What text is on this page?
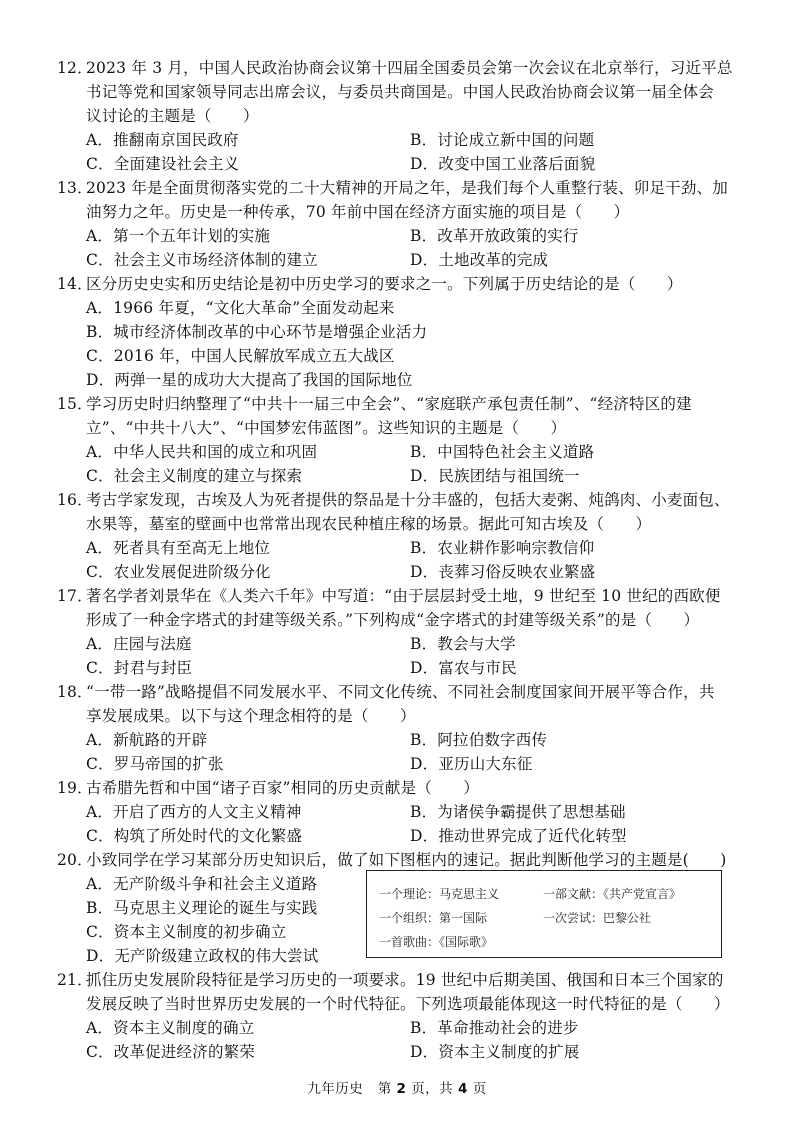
12．
2023 年 3 月，中国人民政治协商会议第十四届全国委员会第一次会议在北京举行，习近平总
书记等党和国家领导同志出席会议，与委员共商国是。中国人民政治协商会议第一届全体会
议讨论的主题是（　　）
A．推翻南京国民政府	B．讨论成立新中国的问题
C．全面建设社会主义	D．改变中国工业落后面貌
13．
2023 年是全面贯彻落实党的二十大精神的开局之年，是我们每个人重整行装、卯足干劲、加
油努力之年。历史是一种传承，70 年前中国在经济方面实施的项目是（　　）
A．第一个五年计划的实施	B．改革开放政策的实行
C．社会主义市场经济体制的建立	D．土地改革的完成
14．
区分历史史实和历史结论是初中历史学习的要求之一。下列属于历史结论的是（　　）
A．1966 年夏，“文化大革命”全面发动起来
B．城市经济体制改革的中心环节是增强企业活力
C．2016 年，中国人民解放军成立五大战区
D．两弹一星的成功大大提高了我国的国际地位
15．
学习历史时归纳整理了“中共十一届三中全会”、“家庭联产承包责任制”、“经济特区的建
立”、“中共十八大”、“中国梦宏伟蓝图”。这些知识的主题是（　　）
A．中华人民共和国的成立和巩固	B．中国特色社会主义道路
C．社会主义制度的建立与探索	D．民族团结与祖国统一
16．
考古学家发现，古埃及人为死者提供的祭品是十分丰盛的，包括大麦粥、炖鸽肉、小麦面包、
水果等，墓室的壁画中也常常出现农民种植庄稼的场景。据此可知古埃及（　　）
A．死者具有至高无上地位	B．农业耕作影响宗教信仰
C．农业发展促进阶级分化	D．丧葬习俗反映农业繁盛
17．
著名学者刘景华在《人类六千年》中写道：“由于层层封受土地，9 世纪至 10 世纪的西欧便
形成了一种金字塔式的封建等级关系。”下列构成“金字塔式的封建等级关系”的是（　　）
A．庄园与法庭	B．教会与大学
C．封君与封臣	D．富农与市民
18．
“一带一路”战略提倡不同发展水平、不同文化传统、不同社会制度国家间开展平等合作，共
享发展成果。以下与这个理念相符的是（　　）
A．新航路的开辟	B．阿拉伯数字西传
C．罗马帝国的扩张	D．亚历山大东征
19．
古希腊先哲和中国“诸子百家”相同的历史贡献是（　　）
A．开启了西方的人文主义精神	B．为诸侯争霸提供了思想基础
C．构筑了所处时代的文化繁盛	D．推动世界完成了近代化转型
20．
小致同学在学习某部分历史知识后，做了如下图框内的速记。据此判断他学习的主题是(　　)
A．无产阶级斗争和社会主义道路
B．马克思主义理论的诞生与实践
C．资本主义制度的初步确立
D．无产阶级建立政权的伟大尝试
一个理论：马克思主义	一部文献：《共产党宣言》
一个组织：第一国际	一次尝试：巴黎公社
一首歌曲：《国际歌》
21．
抓住历史发展阶段特征是学习历史的一项要求。19 世纪中后期美国、俄国和日本三个国家的
发展反映了当时世界历史发展的一个时代特征。下列选项最能体现这一时代特征的是（　　）
A．资本主义制度的确立	B．革命推动社会的进步
C．改革促进经济的繁荣	D．资本主义制度的扩展
九年历史 第 2 页，共 4 页
